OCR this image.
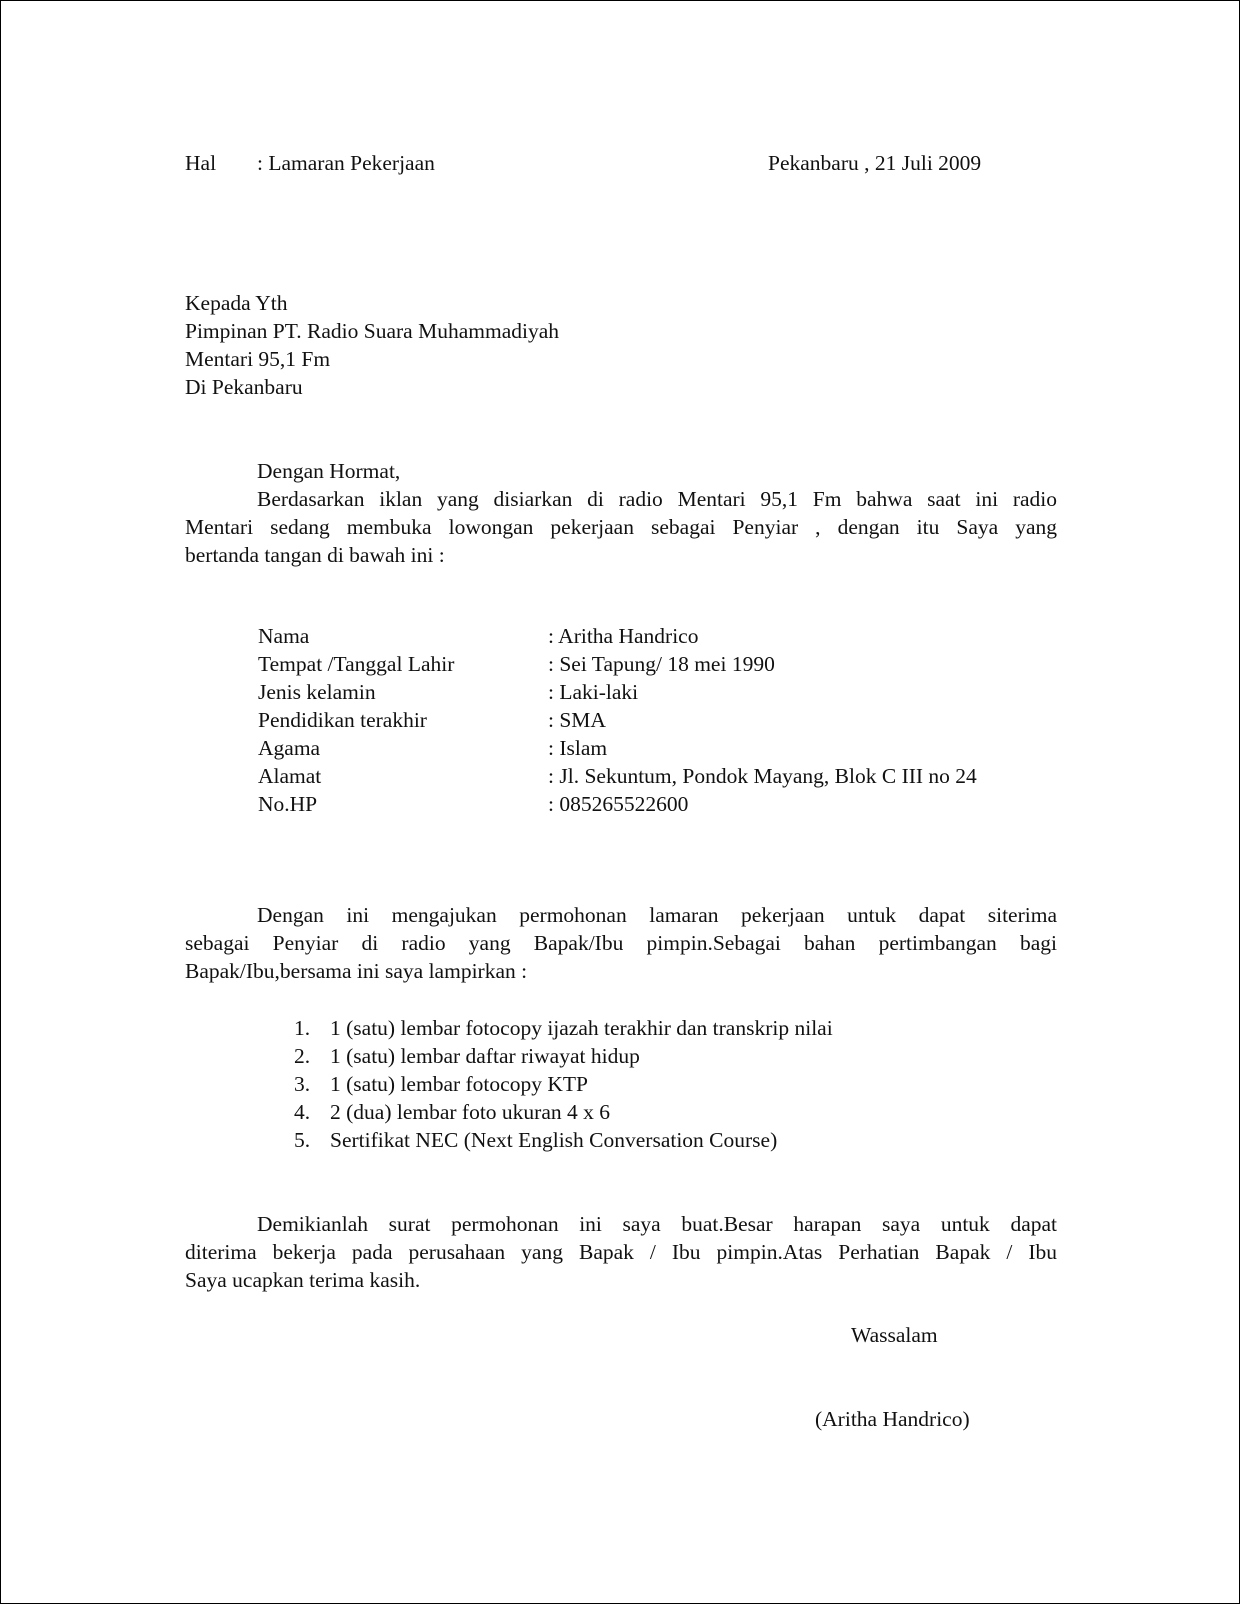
Hal : Lamaran Pekerjaan	Pekanbaru , 21 Juli 2009
Kepada Yth
Pimpinan PT. Radio Suara Muhammadiyah
Mentari 95,1 Fm
Di Pekanbaru
Dengan Hormat,
Berdasarkan iklan yang disiarkan di radio Mentari 95,1 Fm bahwa saat ini radio
Mentari sedang membuka lowongan pekerjaan sebagai Penyiar , dengan itu Saya yang
bertanda tangan di bawah ini :
Nama	: Aritha Handrico
Tempat /Tanggal Lahir	: Sei Tapung/ 18 mei 1990
Jenis kelamin	: Laki-laki
Pendidikan terakhir	: SMA
Agama	: Islam
Alamat	: Jl. Sekuntum, Pondok Mayang, Blok C III no 24
No.HP	: 085265522600
Dengan ini mengajukan permohonan lamaran pekerjaan untuk dapat siterima
sebagai Penyiar di radio yang Bapak/Ibu pimpin.Sebagai bahan pertimbangan bagi
Bapak/Ibu,bersama ini saya lampirkan :
1. 1 (satu) lembar fotocopy ijazah terakhir dan transkrip nilai
2. 1 (satu) lembar daftar riwayat hidup
3. 1 (satu) lembar fotocopy KTP
4. 2 (dua) lembar foto ukuran 4 x 6
5. Sertifikat NEC (Next English Conversation Course)
Demikianlah surat permohonan ini saya buat.Besar harapan saya untuk dapat
diterima bekerja pada perusahaan yang Bapak / Ibu pimpin.Atas Perhatian Bapak / Ibu
Saya ucapkan terima kasih.
Wassalam
(Aritha Handrico)
